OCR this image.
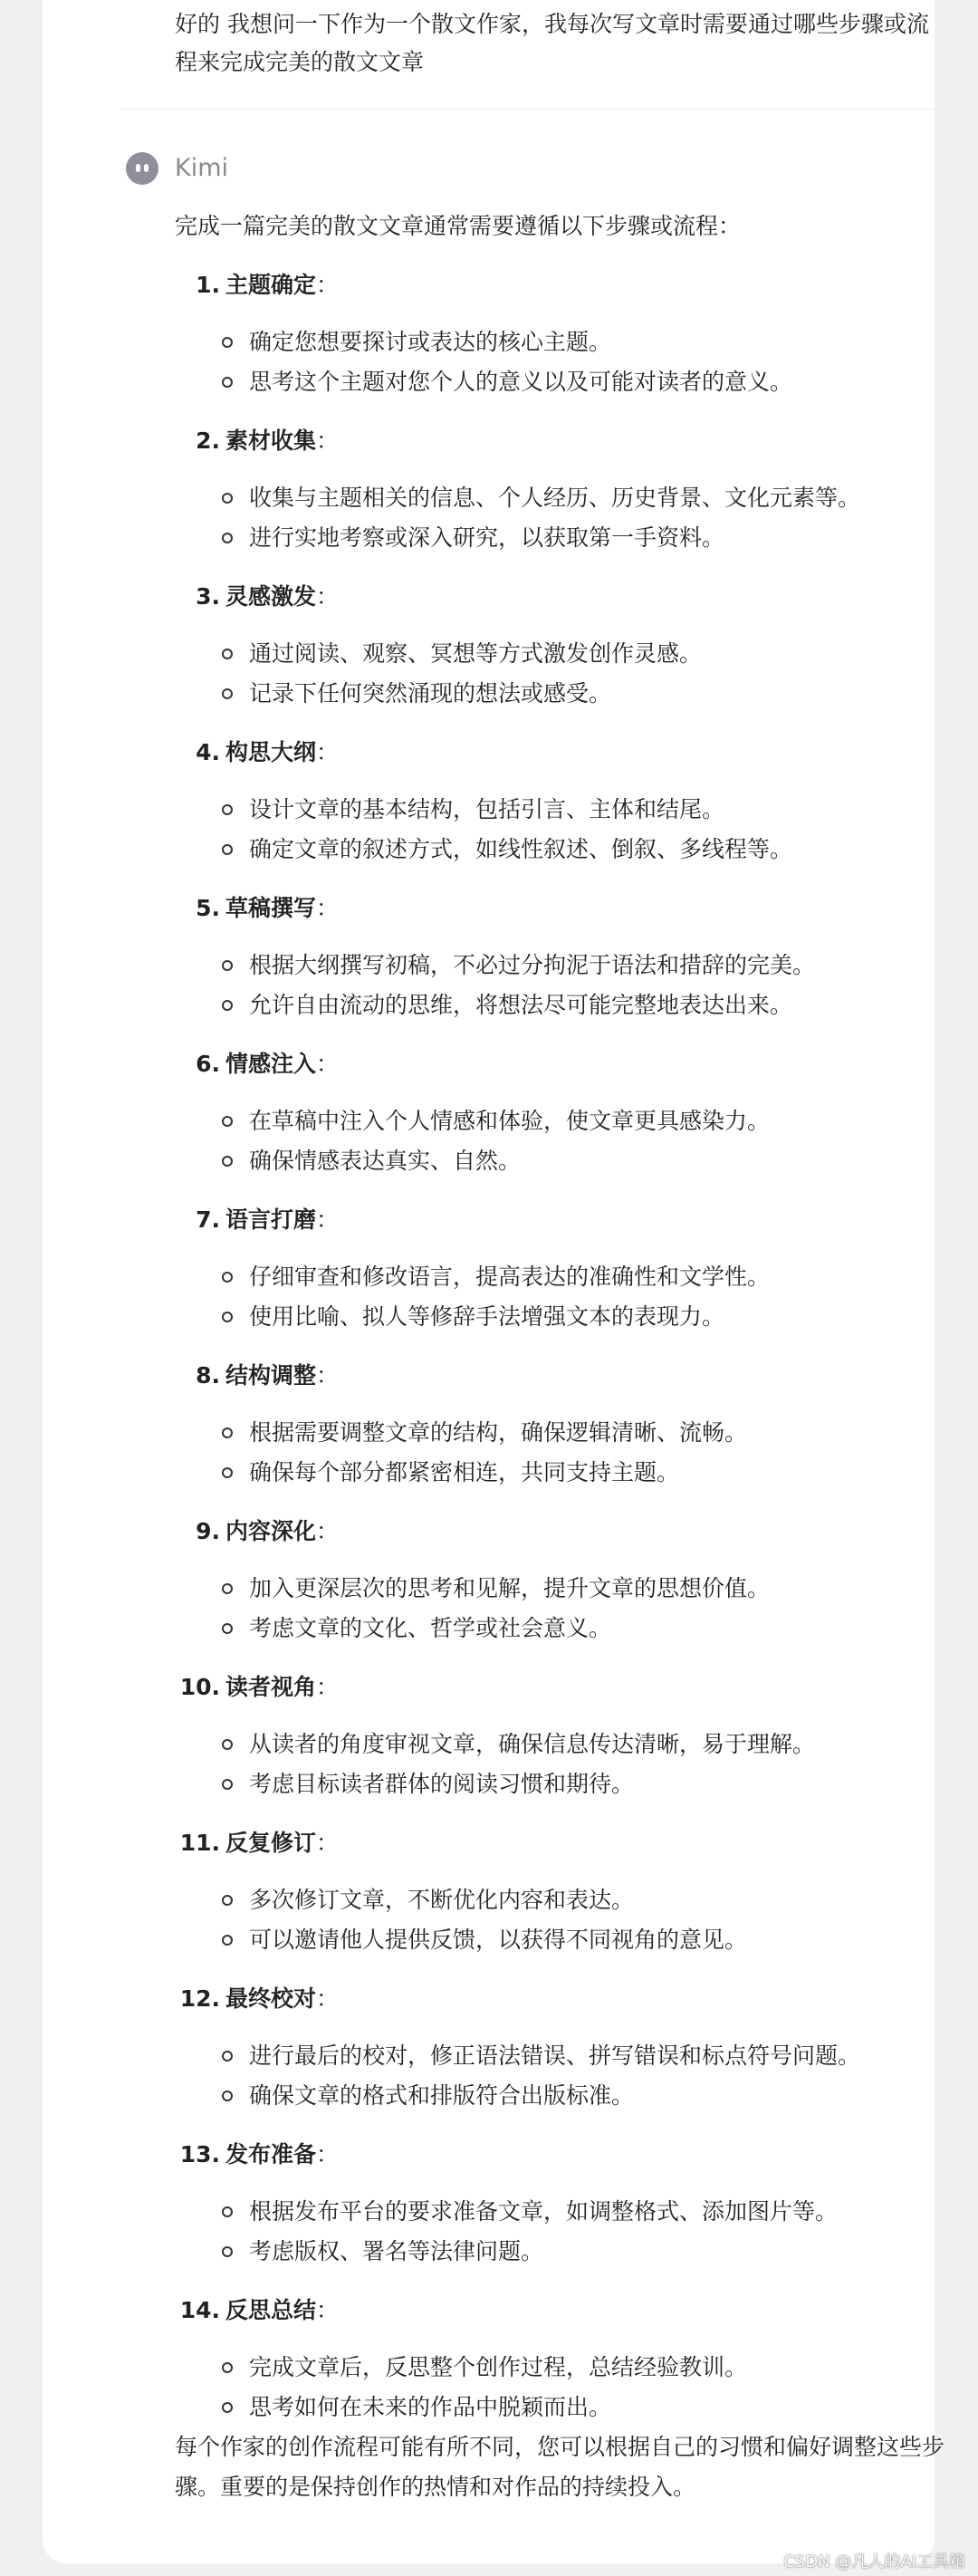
好的 我想问一下作为一个散文作家，我每次写文章时需要通过哪些步骤或流程来完成完美的散文文章
Kimi

完成一篇完美的散文文章通常需要遵循以下步骤或流程：

1. 主题确定 ：
确定您想要探讨或表达的核心主题。
思考这个主题对您个人的意义以及可能对读者的意义。
2. 素材收集 ：
收集与主题相关的信息、个人经历、历史背景、文化元素等。
进行实地考察或深入研究，以获取第一手资料。
3. 灵感激发 ：
通过阅读、观察、冥想等方式激发创作灵感。
记录下任何突然涌现的想法或感受。
4. 构思大纲 ：
设计文章的基本结构，包括引言、主体和结尾。
确定文章的叙述方式，如线性叙述、倒叙、多线程等。
5. 草稿撰写 ：
根据大纲撰写初稿，不必过分拘泥于语法和措辞的完美。
允许自由流动的思维，将想法尽可能完整地表达出来。
6. 情感注入 ：
在草稿中注入个人情感和体验，使文章更具感染力。
确保情感表达真实、自然。
7. 语言打磨 ：
仔细审查和修改语言，提高表达的准确性和文学性。
使用比喻、拟人等修辞手法增强文本的表现力。
8. 结构调整 ：
根据需要调整文章的结构，确保逻辑清晰、流畅。
确保每个部分都紧密相连，共同支持主题。
9. 内容深化 ：
加入更深层次的思考和见解，提升文章的思想价值。
考虑文章的文化、哲学或社会意义。
10. 读者视角 ：
从读者的角度审视文章，确保信息传达清晰，易于理解。
考虑目标读者群体的阅读习惯和期待。
11. 反复修订 ：
多次修订文章，不断优化内容和表达。
可以邀请他人提供反馈，以获得不同视角的意见。
12. 最终校对 ：
进行最后的校对，修正语法错误、拼写错误和标点符号问题。
确保文章的格式和排版符合出版标准。
13. 发布准备 ：
根据发布平台的要求准备文章，如调整格式、添加图片等。
考虑版权、署名等法律问题。
14. 反思总结 ：
完成文章后，反思整个创作过程，总结经验教训。
思考如何在未来的作品中脱颖而出。

每个作家的创作流程可能有所不同，您可以根据自己的习惯和偏好调整这些步骤。重要的是保持创作的热情和对作品的持续投入。

CSDN @凡人的AI工具箱
